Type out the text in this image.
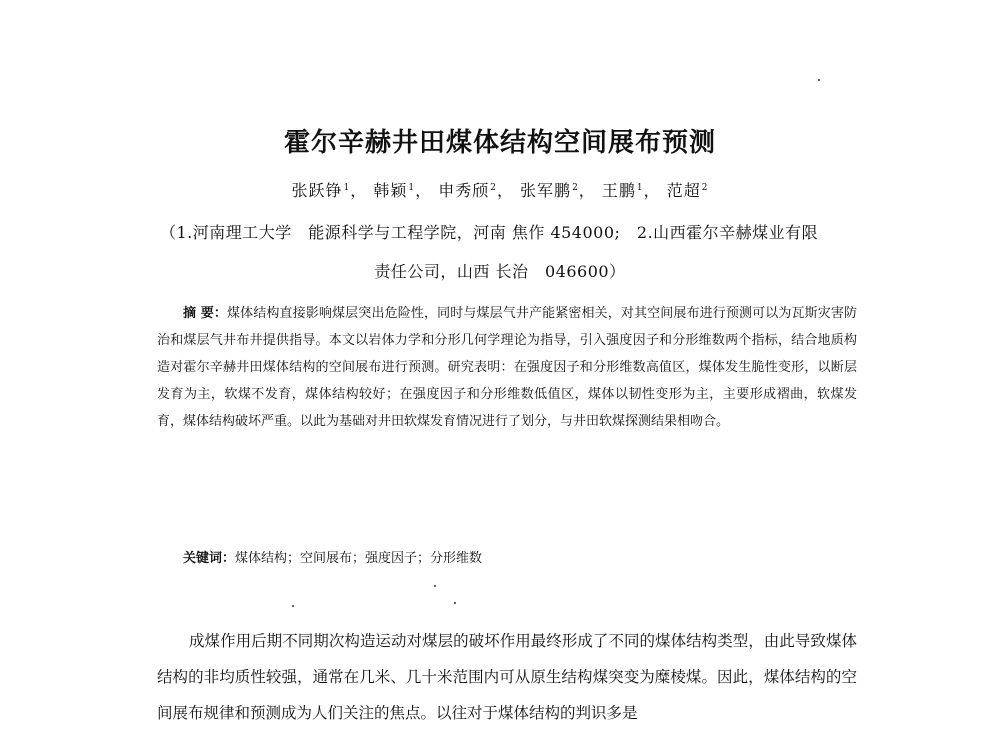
霍尔辛赫井田煤体结构空间展布预测
张跃铮$^1$， 韩颖$^1$， 申秀颀$^2$， 张军鹏$^2$， 王鹏$^1$， 范超$^2$
（1.河南理工大学　能源科学与工程学院，河南 焦作 454000;　2.山西霍尔辛赫煤业有限
责任公司，山西 长治　046600）
摘 要：煤体结构直接影响煤层突出危险性，同时与煤层气井产能紧密相关，对其空间展布进行预测可以为瓦斯灾害防治和煤层气井布井提供指导。本文以岩体力学和分形几何学理论为指导，引入强度因子和分形维数两个指标，结合地质构造对霍尔辛赫井田煤体结构的空间展布进行预测。研究表明：在强度因子和分形维数高值区，煤体发生脆性变形，以断层发育为主，软煤不发育，煤体结构较好；在强度因子和分形维数低值区，煤体以韧性变形为主，主要形成褶曲，软煤发育，煤体结构破坏严重。以此为基础对井田软煤发育情况进行了划分，与井田软煤探测结果相吻合。
关键词：煤体结构；空间展布；强度因子；分形维数
成煤作用后期不同期次构造运动对煤层的破坏作用最终形成了不同的煤体结构类型，由此导致煤体结构的非均质性较强，通常在几米、几十米范围内可从原生结构煤突变为糜棱煤。因此，煤体结构的空间展布规律和预测成为人们关注的焦点。以往对于煤体结构的判识多是
